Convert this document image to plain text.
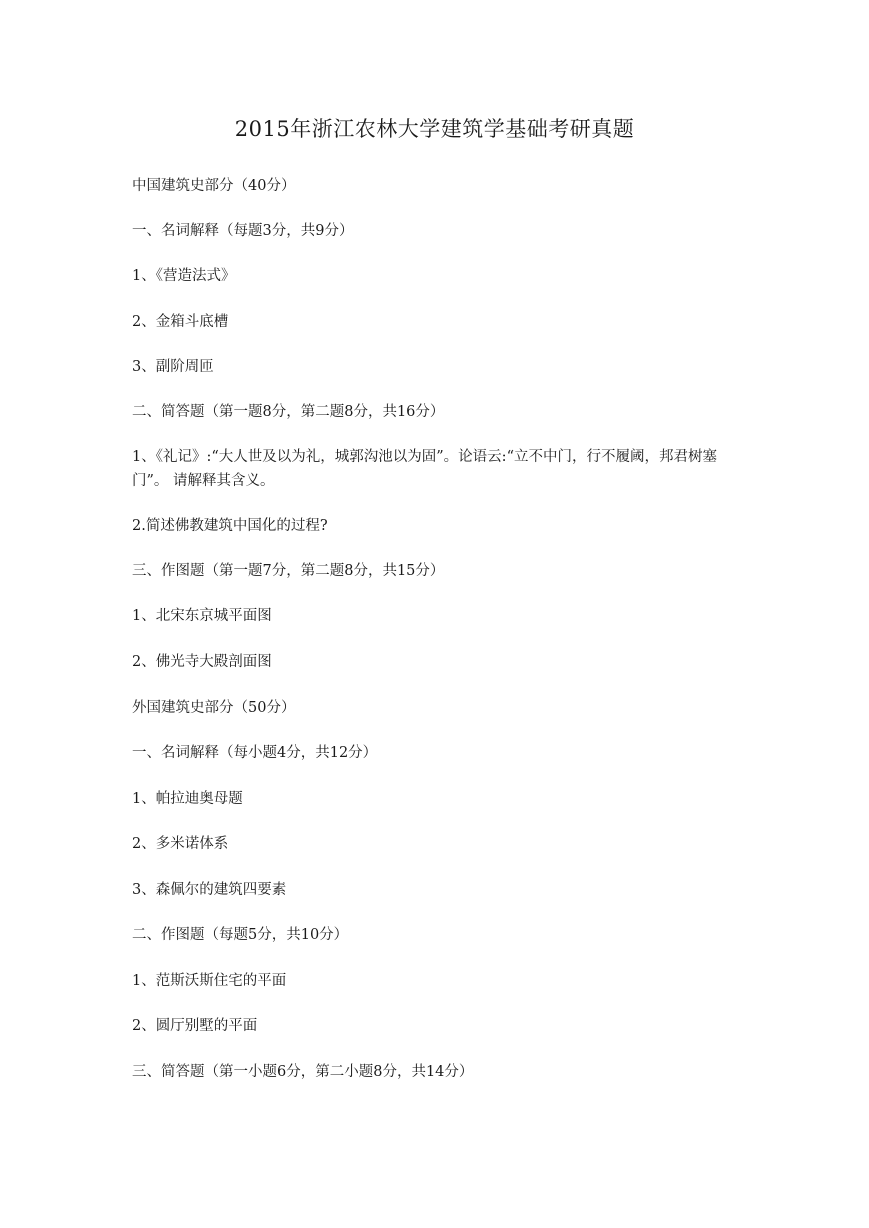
2015年浙江农林大学建筑学基础考研真题
中国建筑史部分（40分）
一、名词解释（每题3分，共9分）
1、《营造法式》
2、金箱斗底槽
3、副阶周匝
二、简答题（第一题8分，第二题8分，共16分）
1、《礼记》:“大人世及以为礼，城郭沟池以为固”。论语云:“立不中门，行不履阈，邦君树塞门”。 请解释其含义。
2.简述佛教建筑中国化的过程?
三、作图题（第一题7分，第二题8分，共15分）
1、北宋东京城平面图
2、佛光寺大殿剖面图
外国建筑史部分（50分）
一、名词解释（每小题4分，共12分）
1、帕拉迪奥母题
2、多米诺体系
3、森佩尔的建筑四要素
二、作图题（每题5分，共10分）
1、范斯沃斯住宅的平面
2、圆厅别墅的平面
三、简答题（第一小题6分，第二小题8分，共14分）
